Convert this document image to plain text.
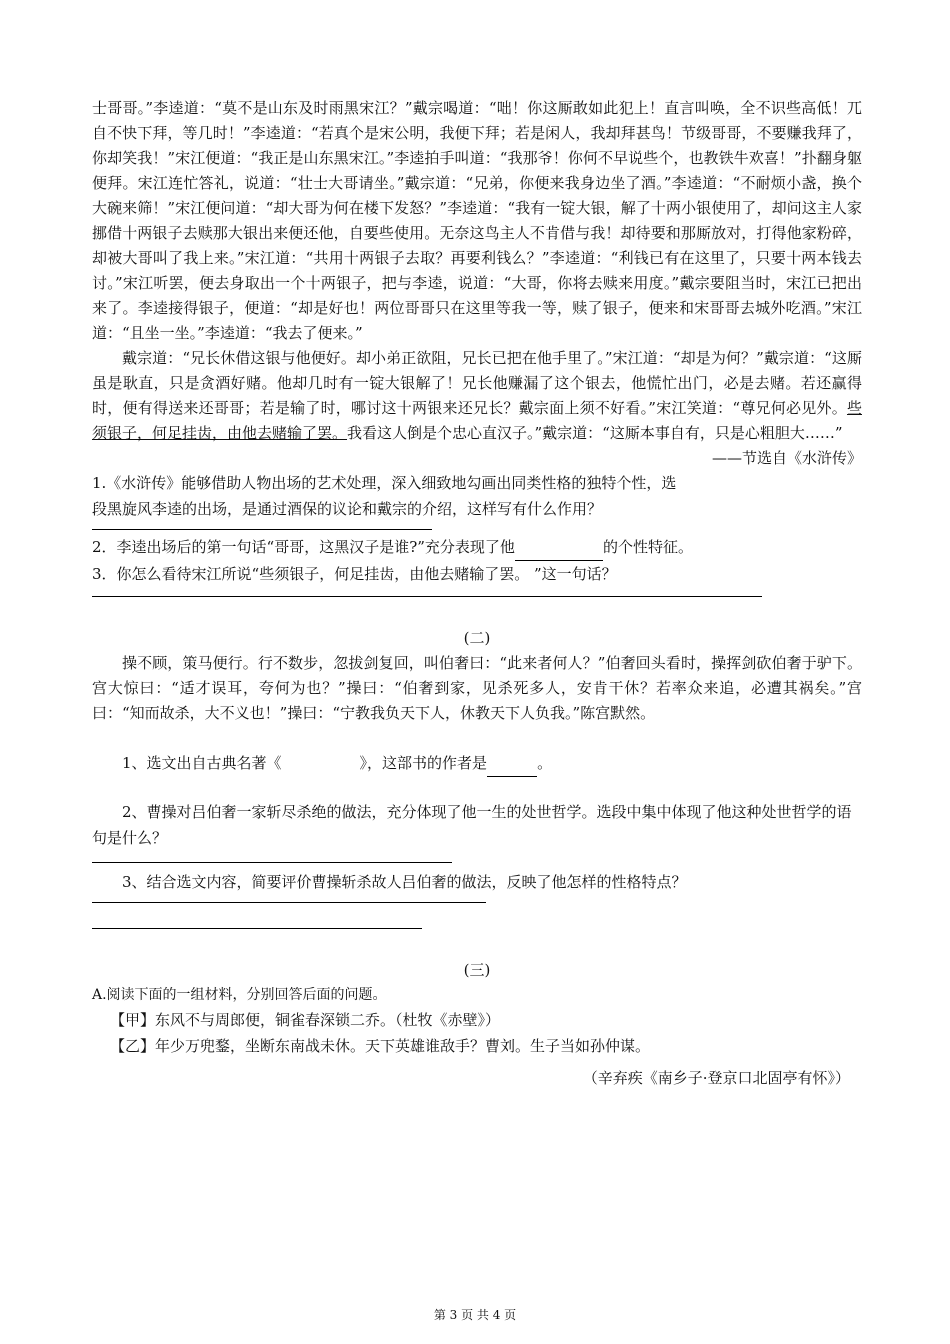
士哥哥。”李逵道：“莫不是山东及时雨黑宋江？”戴宗喝道：“咄！你这厮敢如此犯上！直言叫唤，全不识些高低！兀自不快下拜，等几时！”李逵道：“若真个是宋公明，我便下拜；若是闲人，我却拜甚鸟！节级哥哥，不要赚我拜了，你却笑我！”宋江便道：“我正是山东黑宋江。”李逵拍手叫道：“我那爷！你何不早说些个，也教铁牛欢喜！”扑翻身躯便拜。宋江连忙答礼，说道：“壮士大哥请坐。”戴宗道：“兄弟，你便来我身边坐了酒。”李逵道：“不耐烦小盏，换个大碗来筛！”宋江便问道：“却大哥为何在楼下发怒？”李逵道：“我有一锭大银，解了十两小银使用了，却问这主人家挪借十两银子去赎那大银出来便还他，自要些使用。无奈这鸟主人不肯借与我！却待要和那厮放对，打得他家粉碎，却被大哥叫了我上来。”宋江道：“共用十两银子去取？再要利钱么？”李逵道：“利钱已有在这里了，只要十两本钱去讨。”宋江听罢，便去身取出一个十两银子，把与李逵，说道：“大哥，你将去赎来用度。”戴宗要阻当时，宋江已把出来了。李逵接得银子，便道：“却是好也！两位哥哥只在这里等我一等，赎了银子，便来和宋哥哥去城外吃酒。”宋江道：“且坐一坐。”李逵道：“我去了便来。”

戴宗道：“兄长休借这银与他便好。却小弟正欲阻，兄长已把在他手里了。”宋江道：“却是为何？”戴宗道：“这厮虽是耿直，只是贪酒好赌。他却几时有一锭大银解了！兄长他赚漏了这个银去，他慌忙出门，必是去赌。若还赢得时，便有得送来还哥哥；若是输了时，哪讨这十两银来还兄长？戴宗面上须不好看。”宋江笑道：“尊兄何必见外。些须银子，何足挂齿，由他去赌输了罢。我看这人倒是个忠心直汉子。”戴宗道：“这厮本事自有，只是心粗胆大……”
——节选自《水浒传》

1.《水浒传》能够借助人物出场的艺术处理，深入细致地勾画出同类性格的独特个性，选段黑旋风李逵的出场，是通过酒保的议论和戴宗的介绍，这样写有什么作用？

2．李逵出场后的第一句话“哥哥，这黑汉子是谁?”充分表现了他	的个性特征。

3．你怎么看待宋江所说“些须银子，何足挂齿，由他去赌输了罢。 ”这一句话？

(二)

操不顾，策马便行。行不数步，忽拔剑复回，叫伯奢曰：“此来者何人？”伯奢回头看时，操挥剑砍伯奢于驴下。宫大惊曰：“适才误耳，夸何为也？”操曰：“伯奢到家，见杀死多人，安肯干休？若率众来追，必遭其祸矣。”宫曰：“知而故杀，大不义也！”操曰：“宁教我负天下人，休教天下人负我。”陈宫默然。

1、选文出自古典名著《	》，这部书的作者是	。

2、曹操对吕伯奢一家斩尽杀绝的做法，充分体现了他一生的处世哲学。选段中集中体现了他这种处世哲学的语句是什么？

3、结合选文内容，简要评价曹操斩杀故人吕伯奢的做法，反映了他怎样的性格特点？

(三)

A.阅读下面的一组材料，分别回答后面的问题。

【甲】东风不与周郎便，铜雀春深锁二乔。（杜牧《赤壁》）

【乙】年少万兜鍪，坐断东南战未休。天下英雄谁敌手？曹刘。生子当如孙仲谋。

（辛弃疾《南乡子·登京口北固亭有怀》）

第 3 页 共 4 页
